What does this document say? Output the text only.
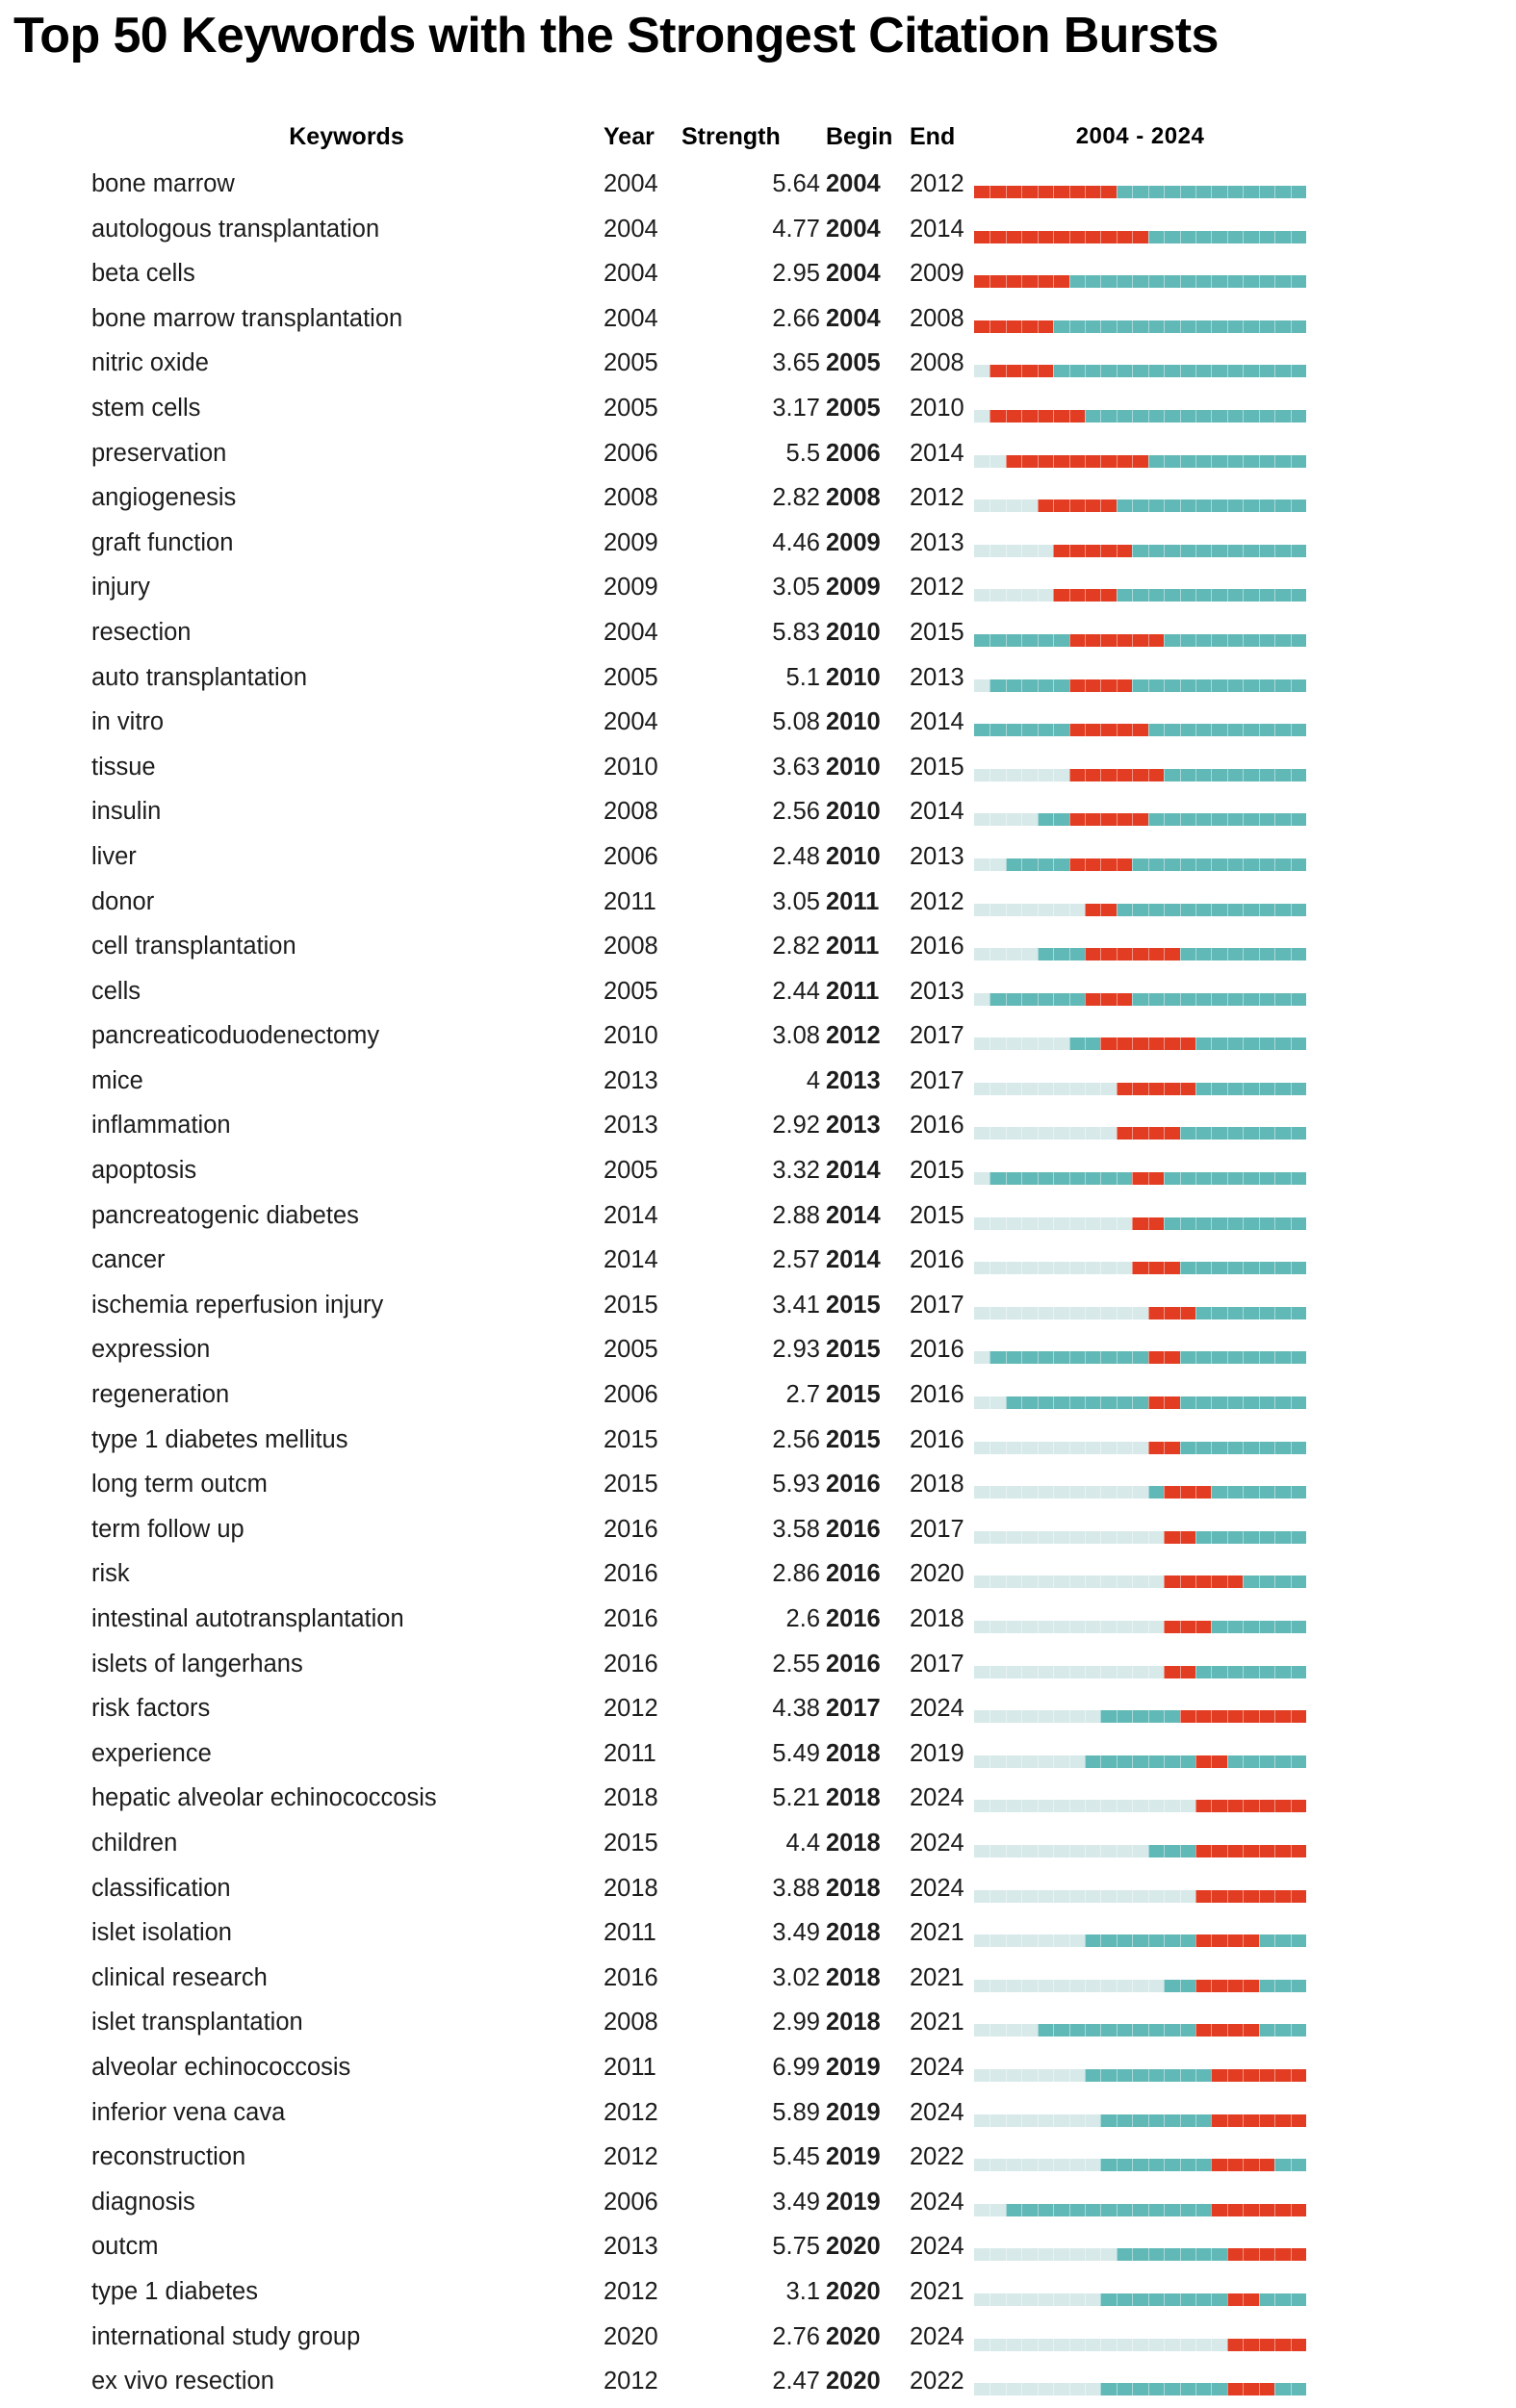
Top 50 Keywords with the Strongest Citation Bursts
Keywords	Year	Strength	Begin End	2004 - 2024
bone marrow	2004	5.64 2004	2012
autologous transplantation	2004	4.77 2004	2014
beta cells	2004	2.95 2004	2009
bone marrow transplantation	2004	2.66 2004	2008
nitric oxide	2005	3.65 2005	2008
stem cells	2005	3.17 2005	2010
preservation	2006	5.5 2006	2014
angiogenesis	2008	2.82 2008	2012
graft function	2009	4.46 2009	2013
injury	2009	3.05 2009	2012
resection	2004	5.83 2010	2015
auto transplantation	2005	5.1 2010	2013
in vitro	2004	5.08 2010	2014
tissue	2010	3.63 2010	2015
insulin	2008	2.56 2010	2014
liver	2006	2.48 2010	2013
donor	2011	3.05 2011	2012
cell transplantation	2008	2.82 2011	2016
cells	2005	2.44 2011	2013
pancreaticoduodenectomy	2010	3.08 2012	2017
mice	2013	4 2013	2017
inflammation	2013	2.92 2013	2016
apoptosis	2005	3.32 2014	2015
pancreatogenic diabetes	2014	2.88 2014	2015
cancer	2014	2.57 2014	2016
ischemia reperfusion injury	2015	3.41 2015	2017
expression	2005	2.93 2015	2016
regeneration	2006	2.7 2015	2016
type 1 diabetes mellitus	2015	2.56 2015	2016
long term outcm	2015	5.93 2016	2018
term follow up	2016	3.58 2016	2017
risk	2016	2.86 2016	2020
intestinal autotransplantation	2016	2.6 2016	2018
islets of langerhans	2016	2.55 2016	2017
risk factors	2012	4.38 2017	2024
experience	2011	5.49 2018	2019
hepatic alveolar echinococcosis	2018	5.21 2018	2024
children	2015	4.4 2018	2024
classification	2018	3.88 2018	2024
islet isolation	2011	3.49 2018	2021
clinical research	2016	3.02 2018	2021
islet transplantation	2008	2.99 2018	2021
alveolar echinococcosis	2011	6.99 2019	2024
inferior vena cava	2012	5.89 2019	2024
reconstruction	2012	5.45 2019	2022
diagnosis	2006	3.49 2019	2024
outcm	2013	5.75 2020	2024
type 1 diabetes	2012	3.1 2020	2021
international study group	2020	2.76 2020	2024
ex vivo resection	2012	2.47 2020	2022
